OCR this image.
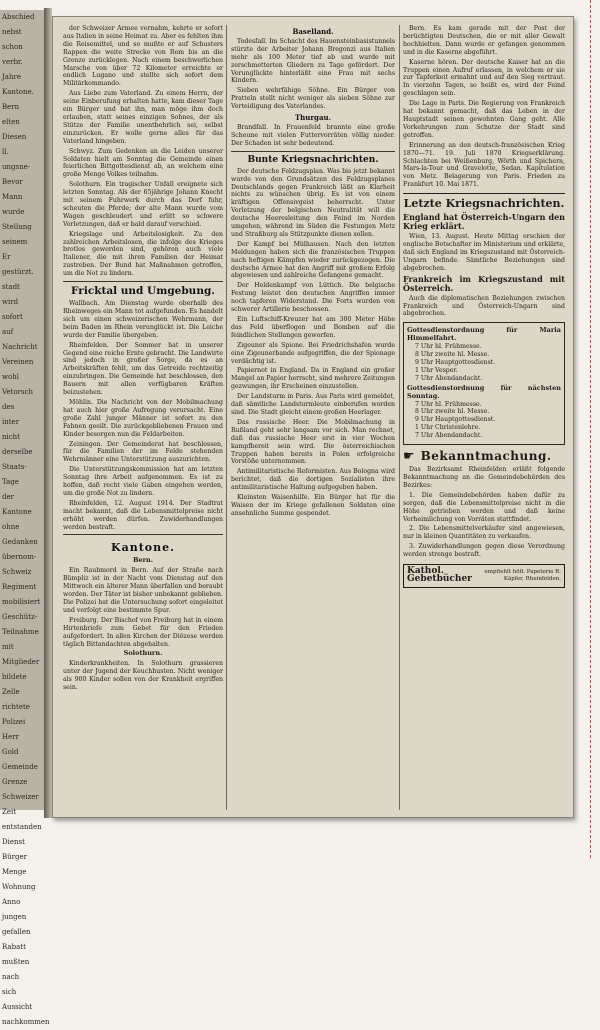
Abschied
nebst
schon
verbr.
Jahre
Kantone.
Bern
elten
Diesen
ll.
ungsne-
Bevor
Mann
wurde
Stellung
seinem
Er
gestürzt.
stadt
wird
sofort
auf
Nachricht
Vereinen
wohl
Vetorsch
des
inter
nicht
derselbe
Staats-
Tage
der
Kantone
ohne
Gedanken
übernom-
Schweiz
Regiment
mobilisiert
Geschütz-
Teilnahme
mit
Mitglieder
bildete
Zelle
richtete
Polizei
Herr
Gold
Gemeinde
Grenze
Schweizer
Zeit
entstanden
Dienst
Bürger
Menge
Wohnung
Anno
jungen
gefallen
Rabatt
mußten
nach
sich
Aussicht
nachkommen

der Schweizer Armee vernahm, kehrte er sofort aus Italien in seine Heimat zu. Aber es fehlten ihm die Reisemittel, und so mußte er auf Schusters Rappen die weite Strecke von Rom bis an die Grenze zurücklegen. Nach einem beschwerlichen Marsche von über 72 Kilometer erreichte er endlich Lugano und stellte sich sofort dem Militärkommando.

Aus Liebe zum Vaterland. Zu einem Herrn, der seine Einberufung erhalten hatte, kam dieser Tage ein Bürger und bat ihn, man möge ihm doch erlauben, statt seines einzigen Sohnes, der als Stütze der Familie unentbehrlich sei, selbst einzurücken. Er wolle gerne alles für das Vaterland hingeben.

Schwyz. Zum Gedenken an die Leiden unserer Soldaten hielt am Sonntag die Gemeinde einen feierlichen Bittgottesdienst ab, an welchem eine große Menge Volkes teilnahm.

Solothurn. Ein tragischer Unfall ereignete sich letzten Sonntag. Als der 65jährige Johann Knecht mit seinem Fuhrwerk durch das Dorf fuhr, scheuten die Pferde; der alte Mann wurde vom Wagen geschleudert und erlitt so schwere Verletzungen, daß er bald darauf verschied.

Kriegslage und Arbeitslosigkeit. Zu den zahlreichen Arbeitslosen, die infolge des Krieges brotlos geworden sind, gehören auch viele Italiener, die mit ihren Familien der Heimat zustreben. Der Bund hat Maßnahmen getroffen, um die Not zu lindern.

Fricktal und Umgebung.

Wallbach. Am Dienstag wurde oberhalb des Rheinweges ein Mann tot aufgefunden. Es handelt sich um einen schweizerischen Wehrmann, der beim Baden im Rhein verunglückt ist. Die Leiche wurde der Familie übergeben.

Rheinfelden. Der Sommer hat in unserer Gegend eine reiche Ernte gebracht. Die Landwirte sind jedoch in großer Sorge, da es an Arbeitskräften fehlt, um das Getreide rechtzeitig einzubringen. Die Gemeinde hat beschlossen, den Bauern mit allen verfügbaren Kräften beizustehen.

Möhlin. Die Nachricht von der Mobilmachung hat auch hier große Aufregung verursacht. Eine große Zahl junger Männer ist sofort zu den Fahnen geeilt. Die zurückgebliebenen Frauen und Kinder besorgen nun die Feldarbeiten.

Zeiningen. Der Gemeinderat hat beschlossen, für die Familien der im Felde stehenden Wehrmänner eine Unterstützung auszurichten.

Die Unterstützungskommission hat am letzten Sonntag ihre Arbeit aufgenommen. Es ist zu hoffen, daß recht viele Gaben eingehen werden, um die große Not zu lindern.

Rheinfelden, 12. August 1914. Der Stadtrat macht bekannt, daß die Lebensmittelpreise nicht erhöht werden dürfen. Zuwiderhandlungen werden bestraft.

Kantone.
Bern.

Ein Raubmord in Bern. Auf der Straße nach Bümpliz ist in der Nacht vom Dienstag auf den Mittwoch ein älterer Mann überfallen und beraubt worden. Der Täter ist bisher unbekannt geblieben. Die Polizei hat die Untersuchung sofort eingeleitet und verfolgt eine bestimmte Spur.

Freiburg. Der Bischof von Freiburg hat in einem Hirtenbriefe zum Gebet für den Frieden aufgefordert. In allen Kirchen der Diözese werden täglich Bittandachten abgehalten.

Solothurn.

Kinderkrankheiten. In Solothurn grassieren unter der Jugend der Keuchhusten. Nicht weniger als 900 Kinder sollen von der Krankheit ergriffen sein.

Baselland.

Todesfall. Im Schacht des Hauensteinbasistunnels stürzte der Arbeiter Johann Bregonzi aus Italien mehr als 100 Meter tief ab und wurde mit zerschmetterten Gliedern zu Tage gefördert. Der Verunglückte hinterläßt eine Frau mit sechs Kindern.

Sieben wehrfähige Söhne. Ein Bürger von Pratteln stellt nicht weniger als sieben Söhne zur Verteidigung des Vaterlandes.

Thurgau.

Brandfall. In Frauenfeld brannte eine große Scheune mit vielen Futtervorräten völlig nieder. Der Schaden ist sehr bedeutend.

Bunte Kriegsnachrichten.

Der deutsche Feldzugsplan. Was bis jetzt bekannt wurde von den Grundsätzen des Feldzugsplanes Deutschlands gegen Frankreich läßt an Klarheit nichts zu wünschen übrig. Es ist von einem kräftigen Offensivgeist beherrscht. Unter Verletzung der belgischen Neutralität will die deutsche Heeresleitung den Feind im Norden umgehen, während im Süden die Festungen Metz und Straßburg als Stützpunkte dienen sollen.

Der Kampf bei Mülhausen. Nach den letzten Meldungen haben sich die französischen Truppen nach heftigen Kämpfen wieder zurückgezogen. Die deutsche Armee hat den Angriff mit großem Erfolg abgewiesen und zahlreiche Gefangene gemacht.

Der Heldenkampf von Lüttich. Die belgische Festung leistet den deutschen Angriffen immer noch tapferen Widerstand. Die Forts wurden von schwerer Artillerie beschossen.

Ein Luftschiff-Kreuzer hat am 300 Meter Höhe das Feld überflogen und Bomben auf die feindlichen Stellungen geworfen.

Zigeuner als Spione. Bei Friedrichshafen wurde eine Zigeunerbande aufgegriffen, die der Spionage verdächtig ist.

Papiernot in England. Da in England ein großer Mangel an Papier herrscht, sind mehrere Zeitungen gezwungen, ihr Erscheinen einzustellen.

Der Landsturm in Paris. Aus Paris wird gemeldet, daß sämtliche Landsturmleute einberufen worden sind. Die Stadt gleicht einem großen Heerlager.

Das russische Heer. Die Mobilmachung in Rußland geht sehr langsam vor sich. Man rechnet, daß das russische Heer erst in vier Wochen kampfbereit sein wird. Die österreichischen Truppen haben bereits in Polen erfolgreiche Vorstöße unternommen.

Antimilitaristische Reformisten. Aus Bologna wird berichtet, daß die dortigen Sozialisten ihre antimilitaristische Haltung aufgegeben haben.

Kleinsten Waisenhilfe. Ein Bürger hat für die Waisen der im Kriege gefallenen Soldaten eine ansehnliche Summe gespendet.

Bern. Es kam gerade mit der Post der berüchtigten Deutschen, die er mit aller Gewalt hochhielten. Dann wurde er gefangen genommen und in die Kaserne abgeführt.

Kaserne hören. Der deutsche Kaiser hat an die Truppen einen Aufruf erlassen, in welchem er sie zur Tapferkeit ermahnt und auf den Sieg vertraut. In vierzehn Tagen, so heißt es, wird der Feind geschlagen sein.

Die Lage in Paris. Die Regierung von Frankreich hat bekannt gemacht, daß das Leben in der Hauptstadt seinen gewohnten Gang geht. Alle Vorkehrungen zum Schutze der Stadt sind getroffen.

Erinnerung an den deutsch-französischen Krieg 1870—71. 19. Juli 1870 Kriegserklärung. Schlachten bei Weißenburg, Wörth und Spichern, Mars-la-Tour und Gravelotte, Sedan. Kapitulation von Metz. Belagerung von Paris. Frieden zu Frankfurt 10. Mai 1871.

Letzte Kriegsnachrichten.
England hat Österreich-Ungarn den Krieg erklärt.

Wien, 13. August. Heute Mittag erschien der englische Botschafter im Ministerium und erklärte, daß sich England im Kriegszustand mit Österreich-Ungarn befinde. Sämtliche Beziehungen sind abgebrochen.

Frankreich im Kriegszustand mit Österreich.

Auch die diplomatischen Beziehungen zwischen Frankreich und Österreich-Ungarn sind abgebrochen.

Gottesdienstordnung für Maria Himmelfahrt.
7 Uhr hl. Frühmesse.
8 Uhr zweite hl. Messe.
9 Uhr Hauptgottesdienst.
1 Uhr Vesper.
7 Uhr Abendandacht.
Gottesdienstordnung für nächsten Sonntag.
7 Uhr hl. Frühmesse.
8 Uhr zweite hl. Messe.
9 Uhr Hauptgottesdienst.
1 Uhr Christenlehre.
7 Uhr Abendandacht.
☛ Bekanntmachung.

Das Bezirksamt Rheinfelden erläßt folgende Bekanntmachung an die Gemeindebehörden des Bezirkes:

1. Die Gemeindebehörden haben dafür zu sorgen, daß die Lebensmittelpreise nicht in die Höhe getrieben werden und daß keine Verheimlichung von Vorräten stattfindet.

2. Die Lebensmittelverkäufer sind angewiesen, nur in kleinen Quantitäten zu verkaufen.

3. Zuwiderhandlungen gegen diese Verordnung werden strenge bestraft.

Kathol. Gebetbücher
empfiehlt höfl. Papeterie R. Käpfer, Rheinfelden.
